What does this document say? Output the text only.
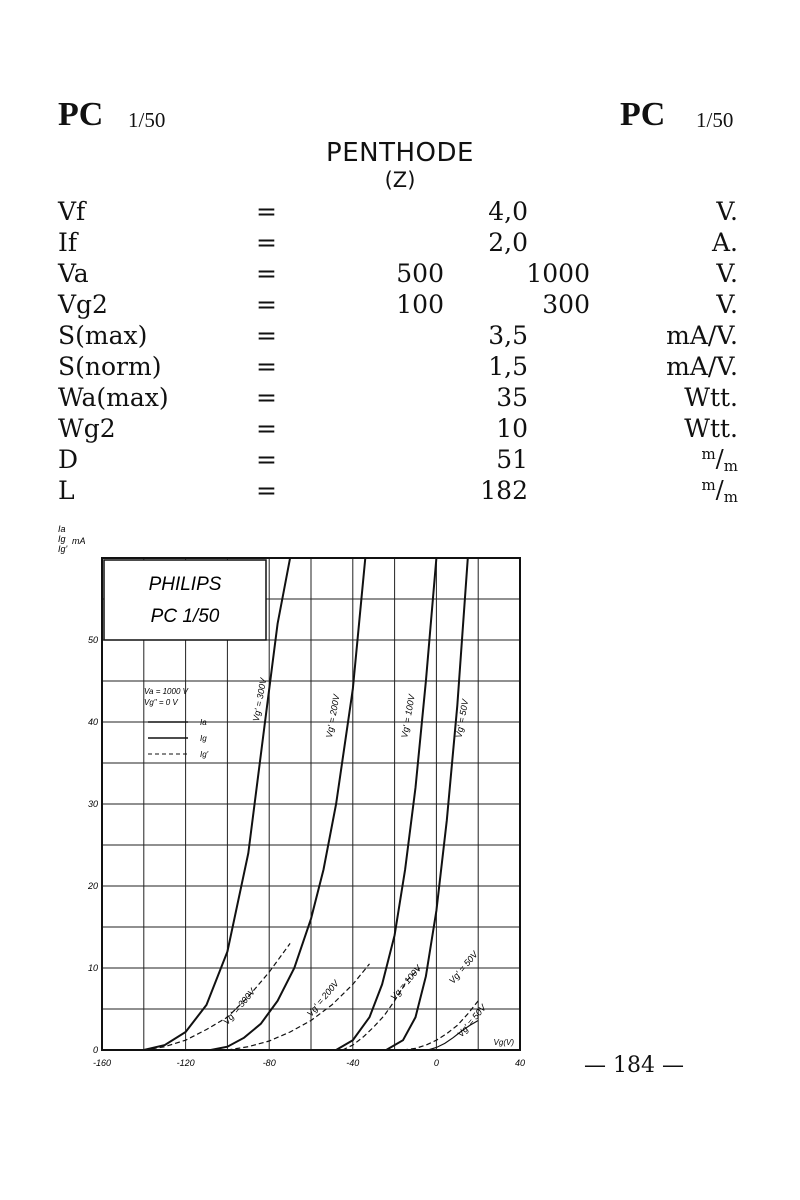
PC 1/50	PC 1/50
PENTHODE
(Z)
Vf	=	4,0	V.
If	=	2,0	A.
Va	=	500	1000	V.
Vg2	=	100	300	V.
S(max)	=	3,5	mA/V.
S(norm)	=	1,5	mA/V.
Wa(max)	=	35	Wtt.
Wg2	=	10	Wtt.
D	=	51	m/m
L	=	182	m/m
PHILIPS
PC 1/50
Ia
Ig
Ig'
mA
0
10
20
30
40
50
-160	-120	-80	-40	0	40
Vg(V)
Va = 1000 V
Vg" = 0 V
Ia
Ig
Ig'
Vg' = 300V	Vg' = 200V	Vg' = 100V	Vg' = 50V
Vg' = 300V	Vg' = 200V	Vg = 100V	Vg' = 50V
Vg' = 50V
— 184 —
